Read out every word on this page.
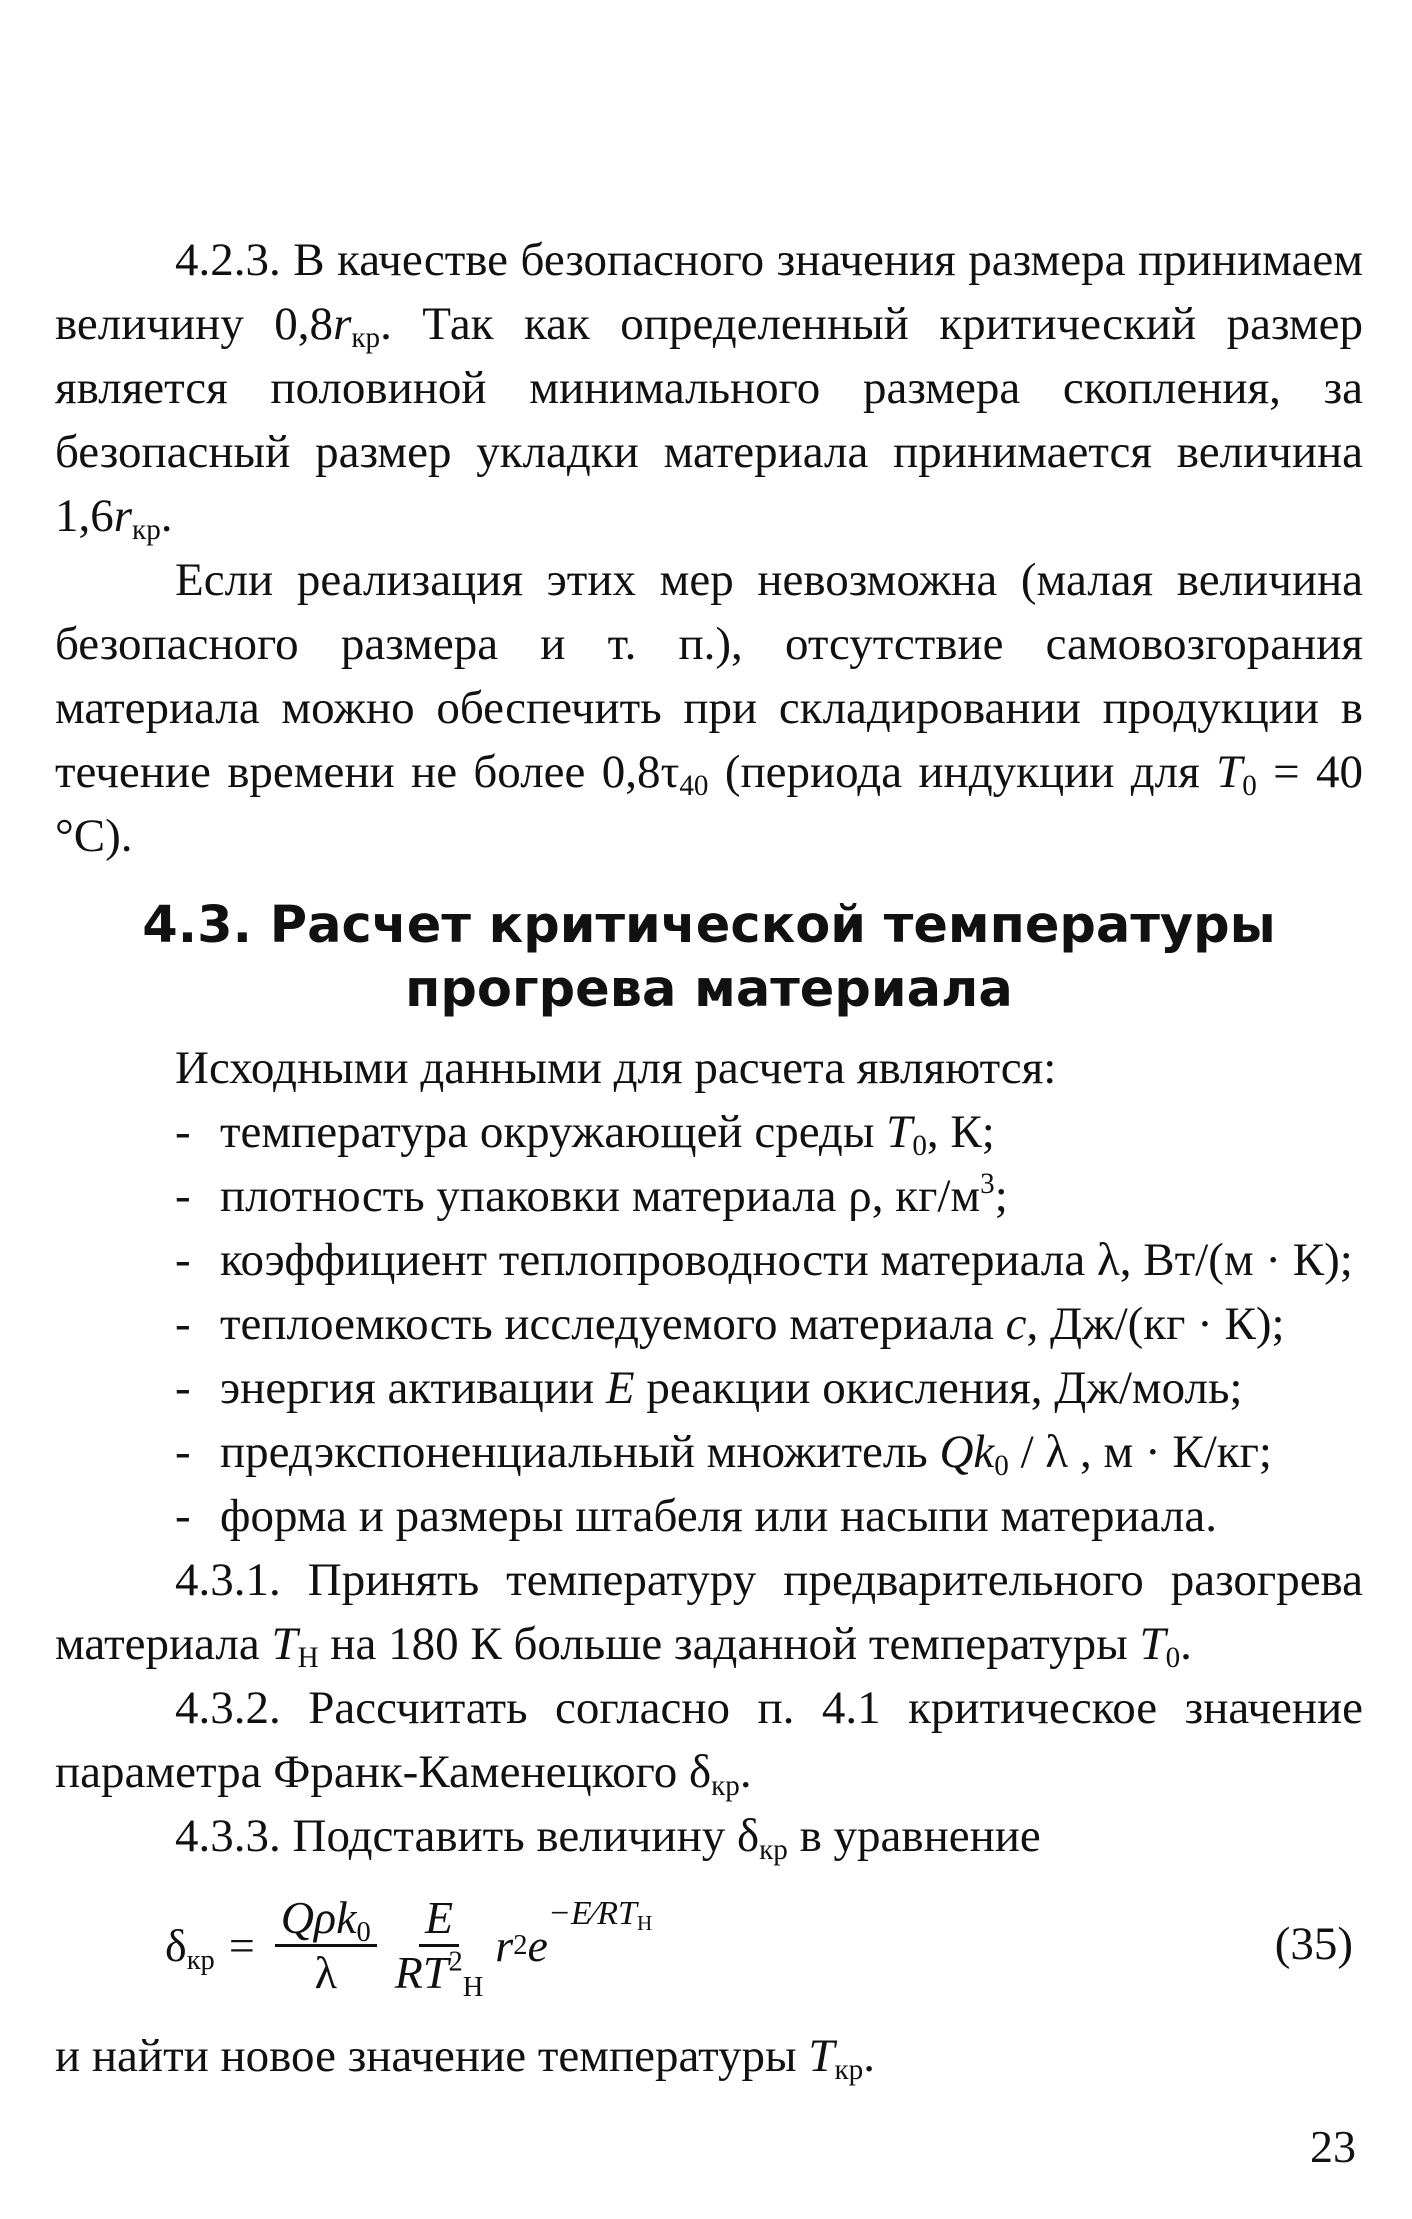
4.2.3. В качестве безопасного значения размера принимаем величину $0,8r_{кр}$. Так как определенный критический размер является половиной минимального размера скопления, за безопасный размер укладки материала принимается величина $1,6r_{кр}$.

Если реализация этих мер невозможна (малая величина безопасного размера и т. п.), отсутствие самовозгорания материала можно обеспечить при складировании продукции в течение времени не более $0,8\tau_{40}$ (периода индукции для $T_0 = 40$ °C).

4.3. Расчет критической температуры
прогрева материала

Исходными данными для расчета являются:

- температура окружающей среды $T_0$, К;
- плотность упаковки материала ρ, $кг/м^3$;
- коэффициент теплопроводности материала λ, Вт/(м · К);
- теплоемкость исследуемого материала c, Дж/(кг · К);
- энергия активации E реакции окисления, Дж/моль;
- предэкспоненциальный множитель $Qk_0$ / λ , м · К/кг;
- форма и размеры штабеля или насыпи материала.

4.3.1. Принять температуру предварительного разогрева материала $T_Н$ на 180 К больше заданной температуры $T_0$.

4.3.2. Рассчитать согласно п. 4.1 критическое значение параметра Франк-Каменецкого $\delta_{кр}$.

4.3.3. Подставить величину $\delta_{кр}$ в уравнение

$\delta_{кр} = \frac{Q\rho k_0}{\lambda} \frac{E}{RT^2_Н}$ r 2 e
$-E⁄RT_Н$	(35)

и найти новое значение температуры $T_{кр}$.

23
